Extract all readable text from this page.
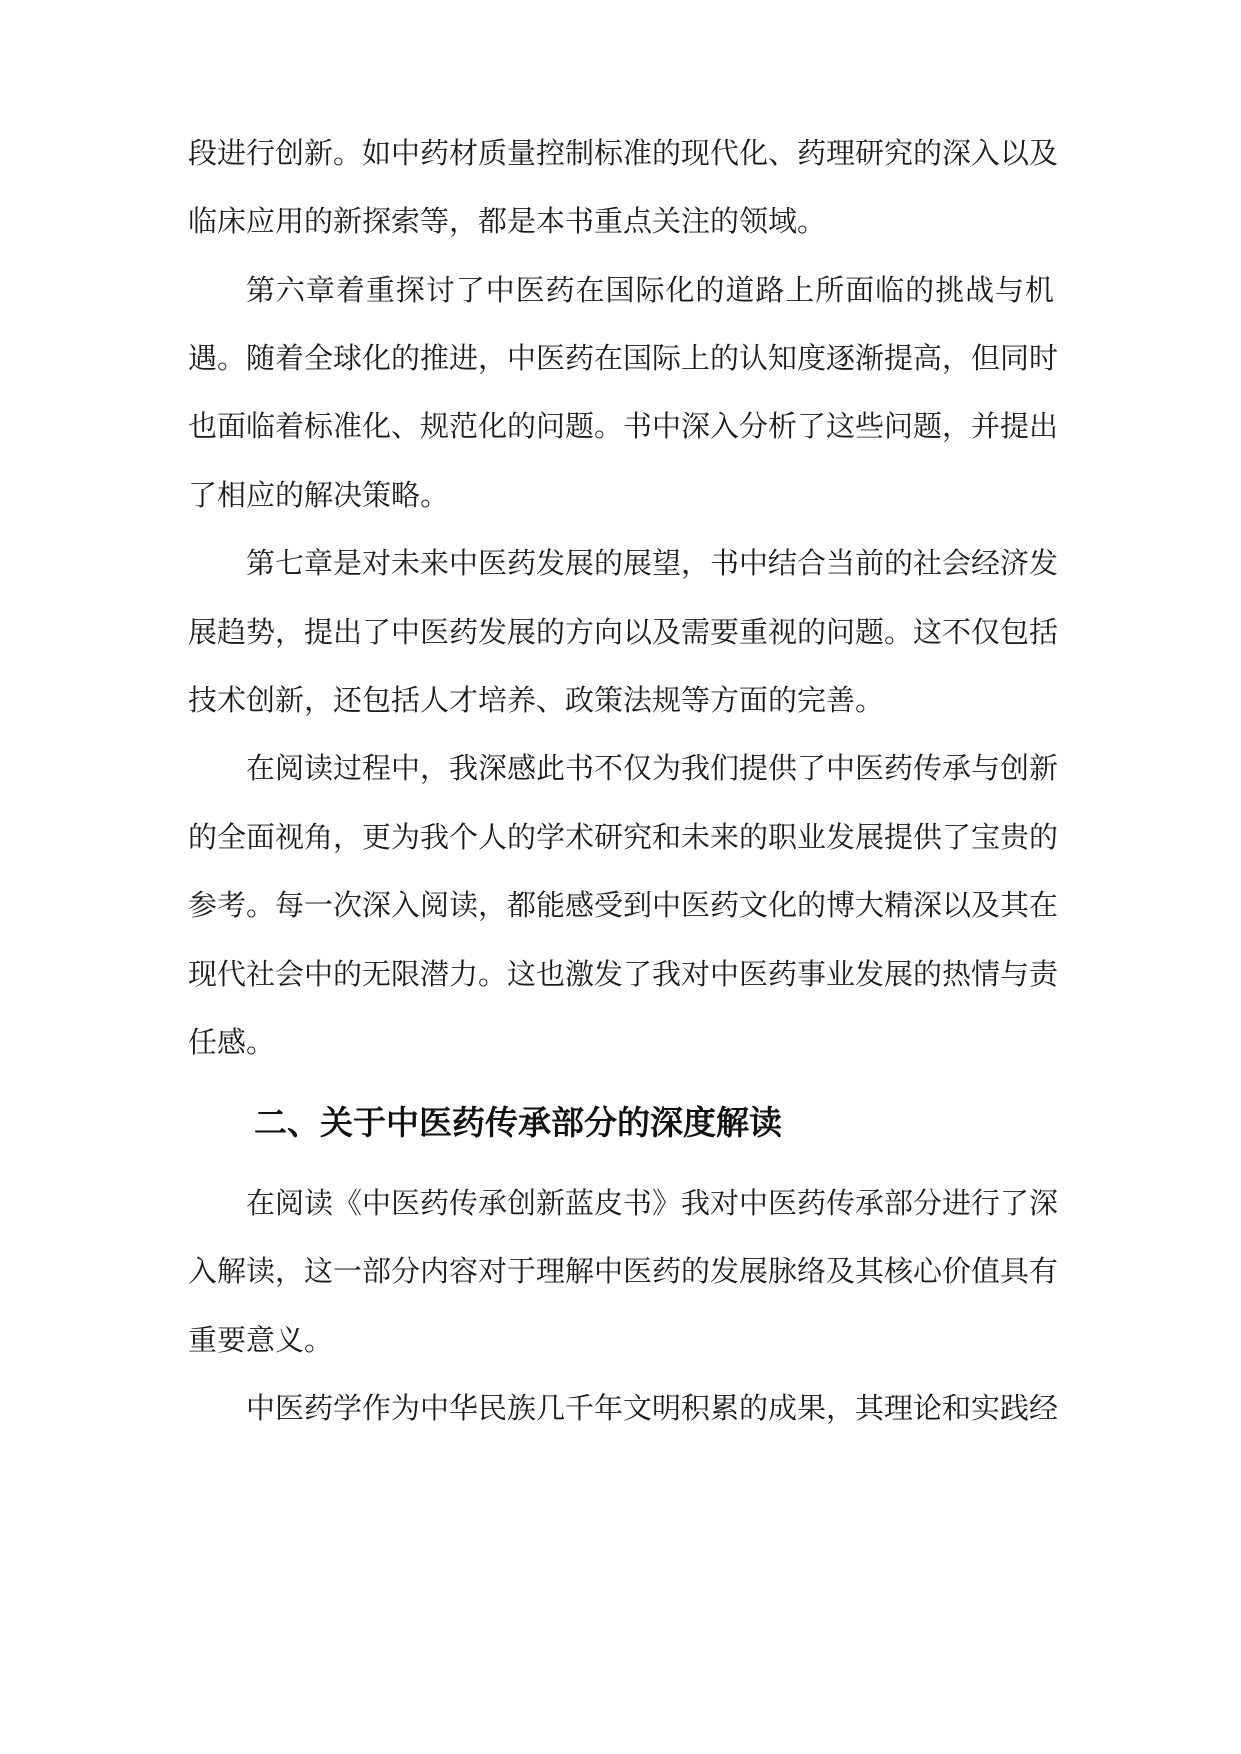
段进行创新。如中药材质量控制标准的现代化、药理研究的深入以及

临床应用的新探索等，都是本书重点关注的领域。

第六章着重探讨了中医药在国际化的道路上所面临的挑战与机

遇。随着全球化的推进，中医药在国际上的认知度逐渐提高，但同时

也面临着标准化、规范化的问题。书中深入分析了这些问题，并提出

了相应的解决策略。

第七章是对未来中医药发展的展望，书中结合当前的社会经济发

展趋势，提出了中医药发展的方向以及需要重视的问题。这不仅包括

技术创新，还包括人才培养、政策法规等方面的完善。

在阅读过程中，我深感此书不仅为我们提供了中医药传承与创新

的全面视角，更为我个人的学术研究和未来的职业发展提供了宝贵的

参考。每一次深入阅读，都能感受到中医药文化的博大精深以及其在

现代社会中的无限潜力。这也激发了我对中医药事业发展的热情与责

任感。

二、关于中医药传承部分的深度解读

在阅读《中医药传承创新蓝皮书》我对中医药传承部分进行了深

入解读，这一部分内容对于理解中医药的发展脉络及其核心价值具有

重要意义。

中医药学作为中华民族几千年文明积累的成果，其理论和实践经
